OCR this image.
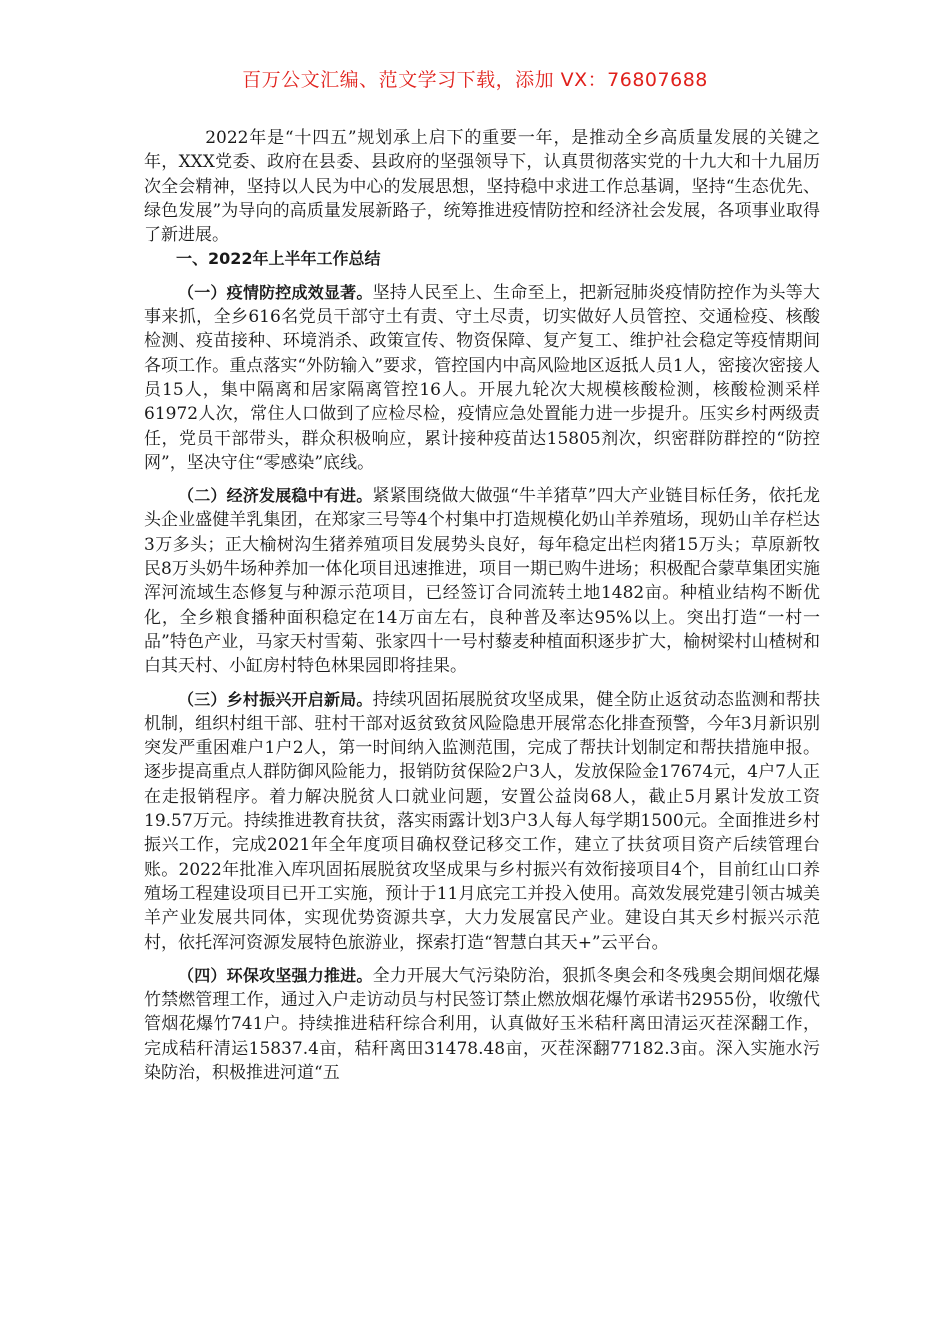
百万公文汇编、范文学习下载，添加 VX：76807688

2022年是“十四五”规划承上启下的重要一年，是推动全乡高质量发展的关键之年，XXX党委、政府在县委、县政府的坚强领导下，认真贯彻落实党的十九大和十九届历次全会精神，坚持以人民为中心的发展思想，坚持稳中求进工作总基调，坚持“生态优先、绿色发展”为导向的高质量发展新路子，统筹推进疫情防控和经济社会发展，各项事业取得了新进展。

一、2022年上半年工作总结

（一）疫情防控成效显著。坚持人民至上、生命至上，把新冠肺炎疫情防控作为头等大事来抓，全乡616名党员干部守土有责、守土尽责，切实做好人员管控、交通检疫、核酸检测、疫苗接种、环境消杀、政策宣传、物资保障、复产复工、维护社会稳定等疫情期间各项工作。重点落实“外防输入”要求，管控国内中高风险地区返抵人员1人，密接次密接人员15人，集中隔离和居家隔离管控16人。开展九轮次大规模核酸检测，核酸检测采样61972人次，常住人口做到了应检尽检，疫情应急处置能力进一步提升。压实乡村两级责任，党员干部带头，群众积极响应，累计接种疫苗达15805剂次，织密群防群控的“防控网”，坚决守住“零感染”底线。

（二）经济发展稳中有进。紧紧围绕做大做强“牛羊猪草”四大产业链目标任务，依托龙头企业盛健羊乳集团，在郑家三号等4个村集中打造规模化奶山羊养殖场，现奶山羊存栏达3万多头；正大榆树沟生猪养殖项目发展势头良好，每年稳定出栏肉猪15万头；草原新牧民8万头奶牛场种养加一体化项目迅速推进，项目一期已购牛进场；积极配合蒙草集团实施浑河流域生态修复与种源示范项目，已经签订合同流转土地1482亩。种植业结构不断优化，全乡粮食播种面积稳定在14万亩左右，良种普及率达95%以上。突出打造“一村一品”特色产业，马家天村雪菊、张家四十一号村藜麦种植面积逐步扩大，榆树梁村山楂树和白其天村、小缸房村特色林果园即将挂果。

（三）乡村振兴开启新局。持续巩固拓展脱贫攻坚成果，健全防止返贫动态监测和帮扶机制，组织村组干部、驻村干部对返贫致贫风险隐患开展常态化排查预警，今年3月新识别突发严重困难户1户2人，第一时间纳入监测范围，完成了帮扶计划制定和帮扶措施申报。逐步提高重点人群防御风险能力，报销防贫保险2户3人，发放保险金17674元，4户7人正在走报销程序。着力解决脱贫人口就业问题，安置公益岗68人，截止5月累计发放工资19.57万元。持续推进教育扶贫，落实雨露计划3户3人每人每学期1500元。全面推进乡村振兴工作，完成2021年全年度项目确权登记移交工作，建立了扶贫项目资产后续管理台账。2022年批准入库巩固拓展脱贫攻坚成果与乡村振兴有效衔接项目4个，目前红山口养殖场工程建设项目已开工实施，预计于11月底完工并投入使用。高效发展党建引领古城美羊产业发展共同体，实现优势资源共享，大力发展富民产业。建设白其天乡村振兴示范村，依托浑河资源发展特色旅游业，探索打造“智慧白其天+”云平台。

（四）环保攻坚强力推进。全力开展大气污染防治，狠抓冬奥会和冬残奥会期间烟花爆竹禁燃管理工作，通过入户走访动员与村民签订禁止燃放烟花爆竹承诺书2955份，收缴代管烟花爆竹741户。持续推进秸秆综合利用，认真做好玉米秸秆离田清运灭茬深翻工作，完成秸秆清运15837.4亩，秸秆离田31478.48亩，灭茬深翻77182.3亩。深入实施水污染防治，积极推进河道“五
